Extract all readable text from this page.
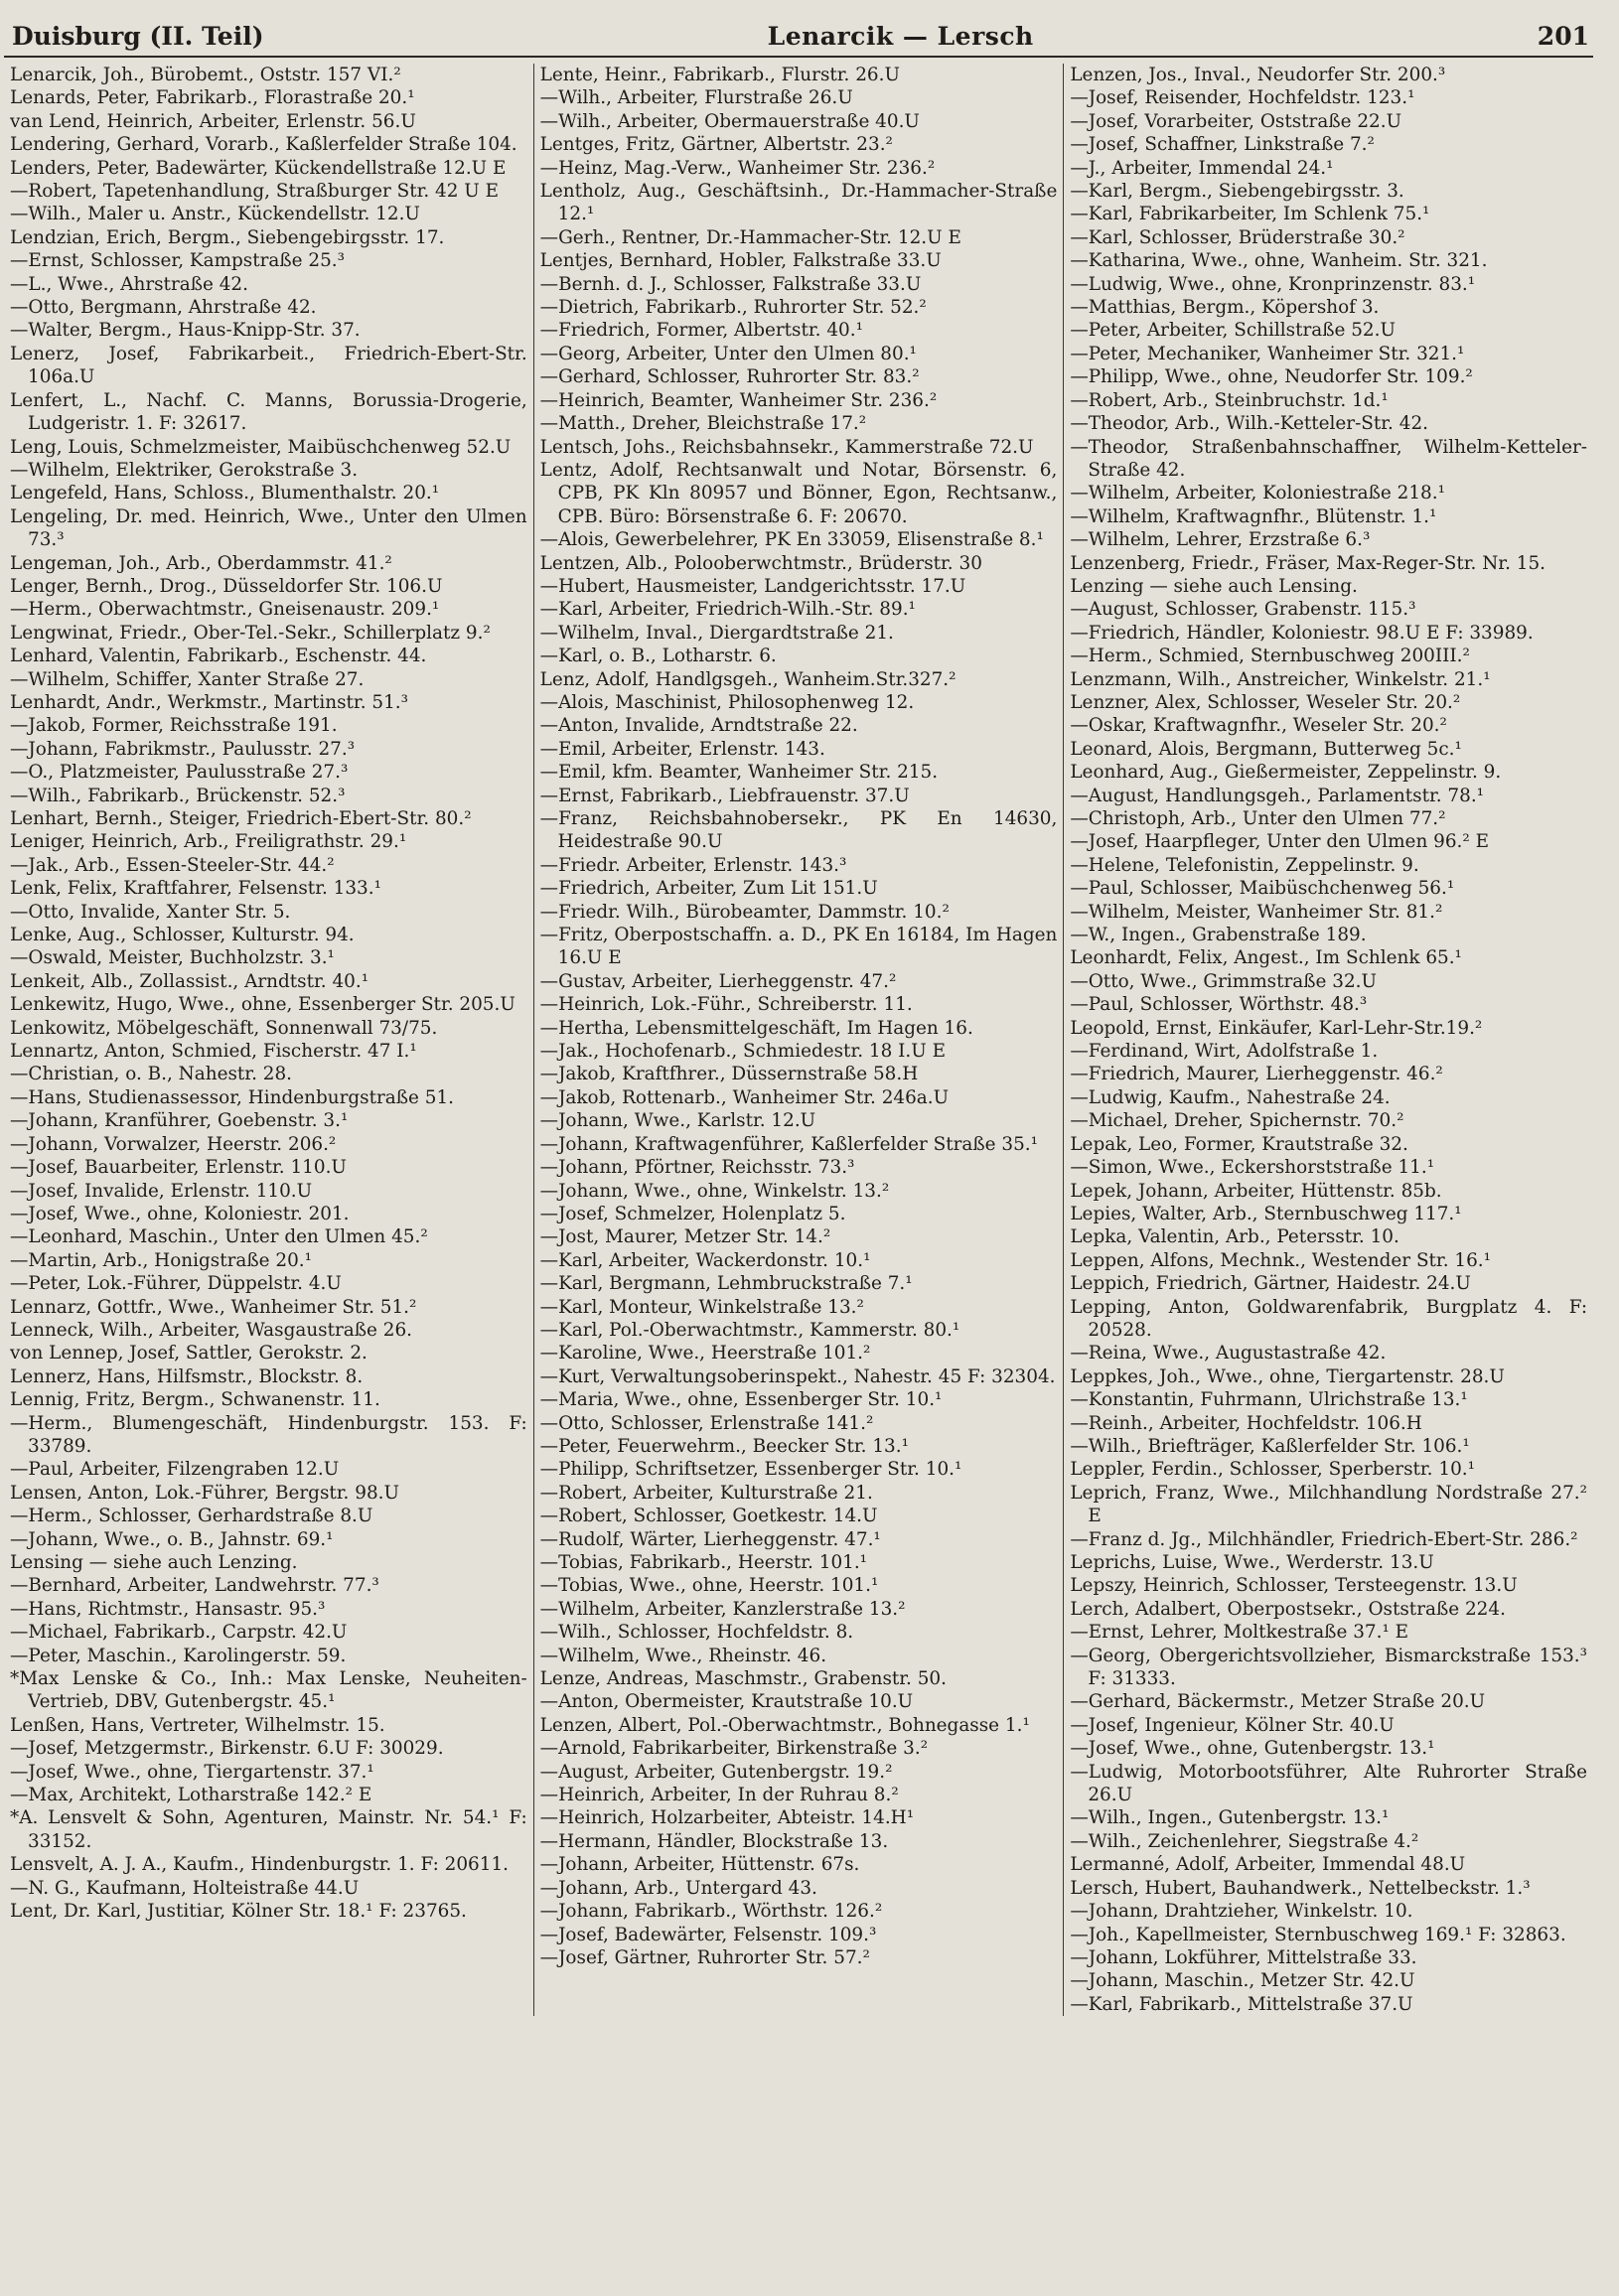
Duisburg (II. Teil)	Lenarcik — Lersch	201
Lenarcik, Joh., Bürobemt., Oststr. 157 VI.²
Lenards, Peter, Fabrikarb., Florastraße 20.¹
van Lend, Heinrich, Arbeiter, Erlenstr. 56.U
Lendering, Gerhard, Vorarb., Kaßlerfelder Straße 104.
Lenders, Peter, Badewärter, Kückendellstraße 12.U E
—Robert, Tapetenhandlung, Straßburger Str. 42 U E
—Wilh., Maler u. Anstr., Kückendellstr. 12.U
Lendzian, Erich, Bergm., Siebengebirgsstr. 17.
—Ernst, Schlosser, Kampstraße 25.³
—L., Wwe., Ahrstraße 42.
—Otto, Bergmann, Ahrstraße 42.
—Walter, Bergm., Haus-Knipp-Str. 37.
Lenerz, Josef, Fabrikarbeit., Friedrich-Ebert-Str. 106a.U
Lenfert, L., Nachf. C. Manns, Borussia-Drogerie, Ludgeristr. 1. F: 32617.
Leng, Louis, Schmelzmeister, Maibüschchenweg 52.U
—Wilhelm, Elektriker, Gerokstraße 3.
Lengefeld, Hans, Schloss., Blumenthalstr. 20.¹
Lengeling, Dr. med. Heinrich, Wwe., Unter den Ulmen 73.³
Lengeman, Joh., Arb., Oberdammstr. 41.²
Lenger, Bernh., Drog., Düsseldorfer Str. 106.U
—Herm., Oberwachtmstr., Gneisenaustr. 209.¹
Lengwinat, Friedr., Ober-Tel.-Sekr., Schillerplatz 9.²
Lenhard, Valentin, Fabrikarb., Eschenstr. 44.
—Wilhelm, Schiffer, Xanter Straße 27.
Lenhardt, Andr., Werkmstr., Martinstr. 51.³
—Jakob, Former, Reichsstraße 191.
—Johann, Fabrikmstr., Paulusstr. 27.³
—O., Platzmeister, Paulusstraße 27.³
—Wilh., Fabrikarb., Brückenstr. 52.³
Lenhart, Bernh., Steiger, Friedrich-Ebert-Str. 80.²
Leniger, Heinrich, Arb., Freiligrathstr. 29.¹
—Jak., Arb., Essen-Steeler-Str. 44.²
Lenk, Felix, Kraftfahrer, Felsenstr. 133.¹
—Otto, Invalide, Xanter Str. 5.
Lenke, Aug., Schlosser, Kulturstr. 94.
—Oswald, Meister, Buchholzstr. 3.¹
Lenkeit, Alb., Zollassist., Arndtstr. 40.¹
Lenkewitz, Hugo, Wwe., ohne, Essenberger Str. 205.U
Lenkowitz, Möbelgeschäft, Sonnenwall 73/75.
Lennartz, Anton, Schmied, Fischerstr. 47 I.¹
—Christian, o. B., Nahestr. 28.
—Hans, Studienassessor, Hindenburgstraße 51.
—Johann, Kranführer, Goebenstr. 3.¹
—Johann, Vorwalzer, Heerstr. 206.²
—Josef, Bauarbeiter, Erlenstr. 110.U
—Josef, Invalide, Erlenstr. 110.U
—Josef, Wwe., ohne, Koloniestr. 201.
—Leonhard, Maschin., Unter den Ulmen 45.²
—Martin, Arb., Honigstraße 20.¹
—Peter, Lok.-Führer, Düppelstr. 4.U
Lennarz, Gottfr., Wwe., Wanheimer Str. 51.²
Lenneck, Wilh., Arbeiter, Wasgaustraße 26.
von Lennep, Josef, Sattler, Gerokstr. 2.
Lennerz, Hans, Hilfsmstr., Blockstr. 8.
Lennig, Fritz, Bergm., Schwanenstr. 11.
—Herm., Blumengeschäft, Hindenburgstr. 153. F: 33789.
—Paul, Arbeiter, Filzengraben 12.U
Lensen, Anton, Lok.-Führer, Bergstr. 98.U
—Herm., Schlosser, Gerhardstraße 8.U
—Johann, Wwe., o. B., Jahnstr. 69.¹
Lensing — siehe auch Lenzing.
—Bernhard, Arbeiter, Landwehrstr. 77.³
—Hans, Richtmstr., Hansastr. 95.³
—Michael, Fabrikarb., Carpstr. 42.U
—Peter, Maschin., Karolingerstr. 59.
*Max Lenske & Co., Inh.: Max Lenske, Neuheiten-Vertrieb, DBV, Gutenbergstr. 45.¹
Lenßen, Hans, Vertreter, Wilhelmstr. 15.
—Josef, Metzgermstr., Birkenstr. 6.U F: 30029.
—Josef, Wwe., ohne, Tiergartenstr. 37.¹
—Max, Architekt, Lotharstraße 142.² E
*A. Lensvelt & Sohn, Agenturen, Mainstr. Nr. 54.¹ F: 33152.
Lensvelt, A. J. A., Kaufm., Hindenburgstr. 1. F: 20611.
—N. G., Kaufmann, Holteistraße 44.U
Lent, Dr. Karl, Justitiar, Kölner Str. 18.¹ F: 23765.
Lente, Heinr., Fabrikarb., Flurstr. 26.U
—Wilh., Arbeiter, Flurstraße 26.U
—Wilh., Arbeiter, Obermauerstraße 40.U
Lentges, Fritz, Gärtner, Albertstr. 23.²
—Heinz, Mag.-Verw., Wanheimer Str. 236.²
Lentholz, Aug., Geschäftsinh., Dr.-Hammacher-Straße 12.¹
—Gerh., Rentner, Dr.-Hammacher-Str. 12.U E
Lentjes, Bernhard, Hobler, Falkstraße 33.U
—Bernh. d. J., Schlosser, Falkstraße 33.U
—Dietrich, Fabrikarb., Ruhrorter Str. 52.²
—Friedrich, Former, Albertstr. 40.¹
—Georg, Arbeiter, Unter den Ulmen 80.¹
—Gerhard, Schlosser, Ruhrorter Str. 83.²
—Heinrich, Beamter, Wanheimer Str. 236.²
—Matth., Dreher, Bleichstraße 17.²
Lentsch, Johs., Reichsbahnsekr., Kammerstraße 72.U
Lentz, Adolf, Rechtsanwalt und Notar, Börsenstr. 6, CPB, PK Kln 80957 und Bönner, Egon, Rechtsanw., CPB. Büro: Börsenstraße 6. F: 20670.
—Alois, Gewerbelehrer, PK En 33059, Elisenstraße 8.¹
Lentzen, Alb., Polooberwchtmstr., Brüderstr. 30
—Hubert, Hausmeister, Landgerichtsstr. 17.U
—Karl, Arbeiter, Friedrich-Wilh.-Str. 89.¹
—Wilhelm, Inval., Diergardtstraße 21.
—Karl, o. B., Lotharstr. 6.
Lenz, Adolf, Handlgsgeh., Wanheim.Str.327.²
—Alois, Maschinist, Philosophenweg 12.
—Anton, Invalide, Arndtstraße 22.
—Emil, Arbeiter, Erlenstr. 143.
—Emil, kfm. Beamter, Wanheimer Str. 215.
—Ernst, Fabrikarb., Liebfrauenstr. 37.U
—Franz, Reichsbahnobersekr., PK En 14630, Heidestraße 90.U
—Friedr. Arbeiter, Erlenstr. 143.³
—Friedrich, Arbeiter, Zum Lit 151.U
—Friedr. Wilh., Bürobeamter, Dammstr. 10.²
—Fritz, Oberpostschaffn. a. D., PK En 16184, Im Hagen 16.U E
—Gustav, Arbeiter, Lierheggenstr. 47.²
—Heinrich, Lok.-Führ., Schreiberstr. 11.
—Hertha, Lebensmittelgeschäft, Im Hagen 16.
—Jak., Hochofenarb., Schmiedestr. 18 I.U E
—Jakob, Kraftfhrer., Düssernstraße 58.H
—Jakob, Rottenarb., Wanheimer Str. 246a.U
—Johann, Wwe., Karlstr. 12.U
—Johann, Kraftwagenführer, Kaßlerfelder Straße 35.¹
—Johann, Pförtner, Reichsstr. 73.³
—Johann, Wwe., ohne, Winkelstr. 13.²
—Josef, Schmelzer, Holenplatz 5.
—Jost, Maurer, Metzer Str. 14.²
—Karl, Arbeiter, Wackerdonstr. 10.¹
—Karl, Bergmann, Lehmbruckstraße 7.¹
—Karl, Monteur, Winkelstraße 13.²
—Karl, Pol.-Oberwachtmstr., Kammerstr. 80.¹
—Karoline, Wwe., Heerstraße 101.²
—Kurt, Verwaltungsoberinspekt., Nahestr. 45 F: 32304.
—Maria, Wwe., ohne, Essenberger Str. 10.¹
—Otto, Schlosser, Erlenstraße 141.²
—Peter, Feuerwehrm., Beecker Str. 13.¹
—Philipp, Schriftsetzer, Essenberger Str. 10.¹
—Robert, Arbeiter, Kulturstraße 21.
—Robert, Schlosser, Goetkestr. 14.U
—Rudolf, Wärter, Lierheggenstr. 47.¹
—Tobias, Fabrikarb., Heerstr. 101.¹
—Tobias, Wwe., ohne, Heerstr. 101.¹
—Wilhelm, Arbeiter, Kanzlerstraße 13.²
—Wilh., Schlosser, Hochfeldstr. 8.
—Wilhelm, Wwe., Rheinstr. 46.
Lenze, Andreas, Maschmstr., Grabenstr. 50.
—Anton, Obermeister, Krautstraße 10.U
Lenzen, Albert, Pol.-Oberwachtmstr., Bohnegasse 1.¹
—Arnold, Fabrikarbeiter, Birkenstraße 3.²
—August, Arbeiter, Gutenbergstr. 19.²
—Heinrich, Arbeiter, In der Ruhrau 8.²
—Heinrich, Holzarbeiter, Abteistr. 14.H¹
—Hermann, Händler, Blockstraße 13.
—Johann, Arbeiter, Hüttenstr. 67s.
—Johann, Arb., Untergard 43.
—Johann, Fabrikarb., Wörthstr. 126.²
—Josef, Badewärter, Felsenstr. 109.³
—Josef, Gärtner, Ruhrorter Str. 57.²
Lenzen, Jos., Inval., Neudorfer Str. 200.³
—Josef, Reisender, Hochfeldstr. 123.¹
—Josef, Vorarbeiter, Oststraße 22.U
—Josef, Schaffner, Linkstraße 7.²
—J., Arbeiter, Immendal 24.¹
—Karl, Bergm., Siebengebirgsstr. 3.
—Karl, Fabrikarbeiter, Im Schlenk 75.¹
—Karl, Schlosser, Brüderstraße 30.²
—Katharina, Wwe., ohne, Wanheim. Str. 321.
—Ludwig, Wwe., ohne, Kronprinzenstr. 83.¹
—Matthias, Bergm., Köpershof 3.
—Peter, Arbeiter, Schillstraße 52.U
—Peter, Mechaniker, Wanheimer Str. 321.¹
—Philipp, Wwe., ohne, Neudorfer Str. 109.²
—Robert, Arb., Steinbruchstr. 1d.¹
—Theodor, Arb., Wilh.-Ketteler-Str. 42.
—Theodor, Straßenbahnschaffner, Wilhelm-Ketteler-Straße 42.
—Wilhelm, Arbeiter, Koloniestraße 218.¹
—Wilhelm, Kraftwagnfhr., Blütenstr. 1.¹
—Wilhelm, Lehrer, Erzstraße 6.³
Lenzenberg, Friedr., Fräser, Max-Reger-Str. Nr. 15.
Lenzing — siehe auch Lensing.
—August, Schlosser, Grabenstr. 115.³
—Friedrich, Händler, Koloniestr. 98.U E F: 33989.
—Herm., Schmied, Sternbuschweg 200III.²
Lenzmann, Wilh., Anstreicher, Winkelstr. 21.¹
Lenzner, Alex, Schlosser, Weseler Str. 20.²
—Oskar, Kraftwagnfhr., Weseler Str. 20.²
Leonard, Alois, Bergmann, Butterweg 5c.¹
Leonhard, Aug., Gießermeister, Zeppelinstr. 9.
—August, Handlungsgeh., Parlamentstr. 78.¹
—Christoph, Arb., Unter den Ulmen 77.²
—Josef, Haarpfleger, Unter den Ulmen 96.² E
—Helene, Telefonistin, Zeppelinstr. 9.
—Paul, Schlosser, Maibüschchenweg 56.¹
—Wilhelm, Meister, Wanheimer Str. 81.²
—W., Ingen., Grabenstraße 189.
Leonhardt, Felix, Angest., Im Schlenk 65.¹
—Otto, Wwe., Grimmstraße 32.U
—Paul, Schlosser, Wörthstr. 48.³
Leopold, Ernst, Einkäufer, Karl-Lehr-Str.19.²
—Ferdinand, Wirt, Adolfstraße 1.
—Friedrich, Maurer, Lierheggenstr. 46.²
—Ludwig, Kaufm., Nahestraße 24.
—Michael, Dreher, Spichernstr. 70.²
Lepak, Leo, Former, Krautstraße 32.
—Simon, Wwe., Eckershorststraße 11.¹
Lepek, Johann, Arbeiter, Hüttenstr. 85b.
Lepies, Walter, Arb., Sternbuschweg 117.¹
Lepka, Valentin, Arb., Petersstr. 10.
Leppen, Alfons, Mechnk., Westender Str. 16.¹
Leppich, Friedrich, Gärtner, Haidestr. 24.U
Lepping, Anton, Goldwarenfabrik, Burgplatz 4. F: 20528.
—Reina, Wwe., Augustastraße 42.
Leppkes, Joh., Wwe., ohne, Tiergartenstr. 28.U
—Konstantin, Fuhrmann, Ulrichstraße 13.¹
—Reinh., Arbeiter, Hochfeldstr. 106.H
—Wilh., Briefträger, Kaßlerfelder Str. 106.¹
Leppler, Ferdin., Schlosser, Sperberstr. 10.¹
Leprich, Franz, Wwe., Milchhandlung Nordstraße 27.² E
—Franz d. Jg., Milchhändler, Friedrich-Ebert-Str. 286.²
Leprichs, Luise, Wwe., Werderstr. 13.U
Lepszy, Heinrich, Schlosser, Tersteegenstr. 13.U
Lerch, Adalbert, Oberpostsekr., Oststraße 224.
—Ernst, Lehrer, Moltkestraße 37.¹ E
—Georg, Obergerichtsvollzieher, Bismarckstraße 153.³ F: 31333.
—Gerhard, Bäckermstr., Metzer Straße 20.U
—Josef, Ingenieur, Kölner Str. 40.U
—Josef, Wwe., ohne, Gutenbergstr. 13.¹
—Ludwig, Motorbootsführer, Alte Ruhrorter Straße 26.U
—Wilh., Ingen., Gutenbergstr. 13.¹
—Wilh., Zeichenlehrer, Siegstraße 4.²
Lermanné, Adolf, Arbeiter, Immendal 48.U
Lersch, Hubert, Bauhandwerk., Nettelbeckstr. 1.³
—Johann, Drahtzieher, Winkelstr. 10.
—Joh., Kapellmeister, Sternbuschweg 169.¹ F: 32863.
—Johann, Lokführer, Mittelstraße 33.
—Johann, Maschin., Metzer Str. 42.U
—Karl, Fabrikarb., Mittelstraße 37.U
